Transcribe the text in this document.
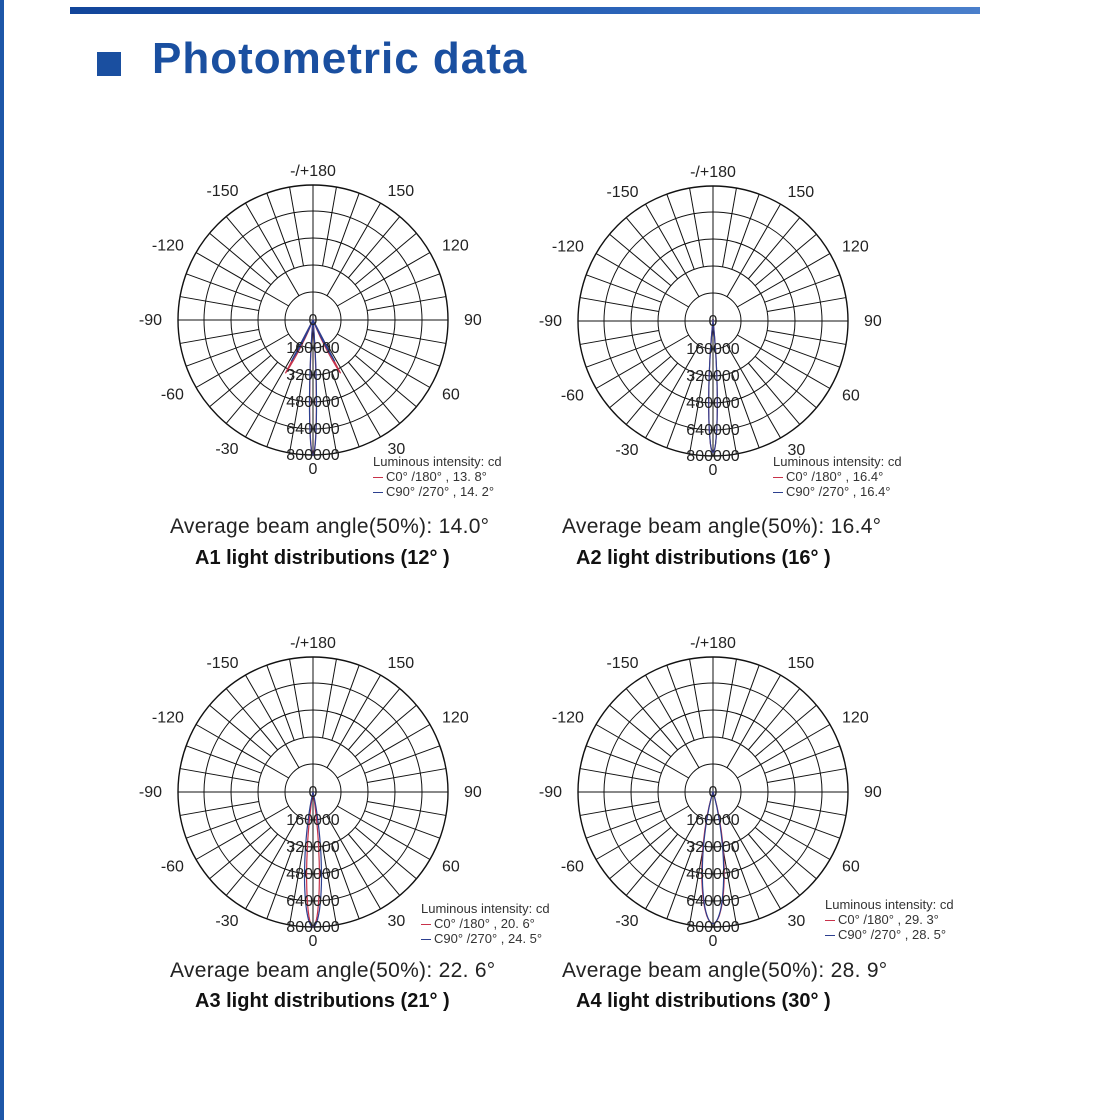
Photometric data
-/+180
150
120
90
60
30
0
-30
-60
-90
-120
-150
0
160000
320000
480000
640000
800000	Luminous intensity: cd
C0° /180° , 13. 8°
C90° /270° , 14. 2°
Average beam angle(50%): 14.0°
A1 light distributions (12° )
-/+180
150
120
90
60
30
0
-30
-60
-90
-120
-150
0
160000
320000
480000
640000
800000	Luminous intensity: cd
C0° /180° , 16.4°
C90° /270° , 16.4°
Average beam angle(50%): 16.4°
A2 light distributions (16° )
-/+180
150
120
90
60
30
0
-30
-60
-90
-120
-150
0
160000
320000
480000
640000
800000
Luminous intensity: cd
C0° /180° , 20. 6°
C90° /270° , 24. 5°
Average beam angle(50%): 22. 6°
A3 light distributions (21° )
-/+180
150
120
90
60
30
0
-30
-60
-90
-120
-150
0
160000
320000
480000
640000
800000
Luminous intensity: cd
C0° /180° , 29. 3°
C90° /270° , 28. 5°
Average beam angle(50%): 28. 9°
A4 light distributions (30° )
